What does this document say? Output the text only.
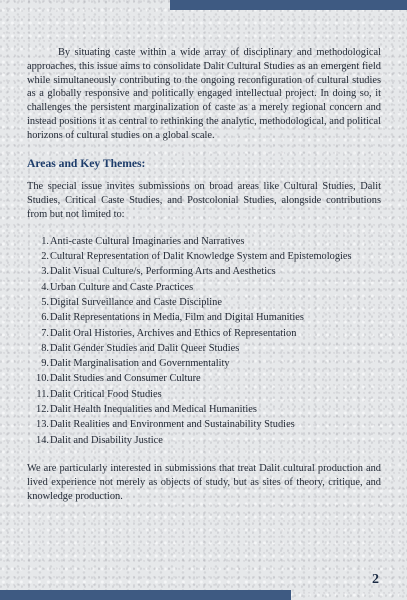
By situating caste within a wide array of disciplinary and methodological approaches, this issue aims to consolidate Dalit Cultural Studies as an emergent field while simultaneously contributing to the ongoing reconfiguration of cultural studies as a globally responsive and politically engaged intellectual project. In doing so, it challenges the persistent marginalization of caste as a merely regional concern and instead positions it as central to rethinking the analytic, methodological, and political horizons of cultural studies on a global scale.

Areas and Key Themes:

The special issue invites submissions on broad areas like Cultural Studies, Dalit Studies, Critical Caste Studies, and Postcolonial Studies, alongside contributions from but not limited to:

1. Anti-caste Cultural Imaginaries and Narratives
2. Cultural Representation of Dalit Knowledge System and Epistemologies
3. Dalit Visual Culture/s, Performing Arts and Aesthetics
4. Urban Culture and Caste Practices
5. Digital Surveillance and Caste Discipline
6. Dalit Representations in Media, Film and Digital Humanities
7. Dalit Oral Histories, Archives and Ethics of Representation
8. Dalit Gender Studies and Dalit Queer Studies
9. Dalit Marginalisation and Governmentality
10. Dalit Studies and Consumer Culture
11. Dalit Critical Food Studies
12. Dalit Health Inequalities and Medical Humanities
13. Dalit Realities and Environment and Sustainability Studies
14. Dalit and Disability Justice

We are particularly interested in submissions that treat Dalit cultural production and lived experience not merely as objects of study, but as sites of theory, critique, and knowledge production.

2
